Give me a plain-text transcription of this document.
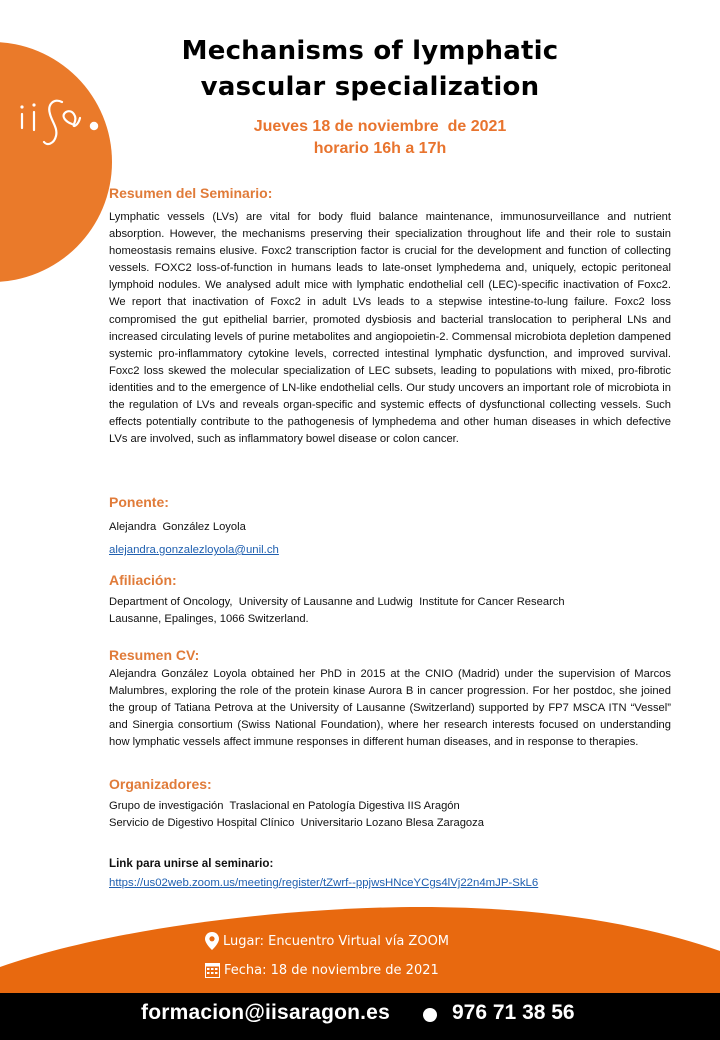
Mechanisms of lymphatic vascular specialization
Jueves 18 de noviembre  de 2021
horario 16h a 17h
Resumen del Seminario:

Lymphatic vessels (LVs) are vital for body fluid balance maintenance, immunosurveillance and nutrient absorption. However, the mechanisms preserving their specialization throughout life and their role to sustain homeostasis remains elusive. Foxc2 transcription factor is crucial for the development and function of collecting vessels. FOXC2 loss-of-function in humans leads to late-onset lymphedema and, uniquely, ectopic peritoneal lymphoid nodules. We analysed adult mice with lymphatic endothelial cell (LEC)-specific inactivation of Foxc2. We report that inactivation of Foxc2 in adult LVs leads to a stepwise intestine-to-lung failure. Foxc2 loss compromised the gut epithelial barrier, promoted dysbiosis and bacterial translocation to peripheral LNs and increased circulating levels of purine metabolites and angiopoietin-2. Commensal microbiota depletion dampened systemic pro-inflammatory cytokine levels, corrected intestinal lymphatic dysfunction, and improved survival. Foxc2 loss skewed the molecular specialization of LEC subsets, leading to populations with mixed, pro-fibrotic identities and to the emergence of LN-like endothelial cells. Our study uncovers an important role of microbiota in the regulation of LVs and reveals organ-specific and systemic effects of dysfunctional collecting vessels. Such effects potentially contribute to the pathogenesis of lymphedema and other human diseases in which defective LVs are involved, such as inflammatory bowel disease or colon cancer.

Ponente:
Alejandra  González Loyola
alejandra.gonzalezloyola@unil.ch
Afiliación:
Department of Oncology,  University of Lausanne and Ludwig  Institute for Cancer Research
Lausanne, Epalinges, 1066 Switzerland.
Resumen CV:

Alejandra González Loyola obtained her PhD in 2015 at the CNIO (Madrid) under the supervision of Marcos Malumbres, exploring the role of the protein kinase Aurora B in cancer progression. For her postdoc, she joined the group of Tatiana Petrova at the University of Lausanne (Switzerland) supported by FP7 MSCA ITN “Vessel” and Sinergia consortium (Swiss National Foundation), where her research interests focused on understanding how lymphatic vessels affect immune responses in different human diseases, and in response to therapies.

Organizadores:
Grupo de investigación  Traslacional en Patología Digestiva IIS Aragón
Servicio de Digestivo Hospital Clínico  Universitario Lozano Blesa Zaragoza
Link para unirse al seminario:
https://us02web.zoom.us/meeting/register/tZwrf--ppjwsHNceYCgs4lVj22n4mJP-SkL6
Lugar: Encuentro Virtual vía ZOOM
Fecha: 18 de noviembre de 2021
formacion@iisaragon.es	976 71 38 56
